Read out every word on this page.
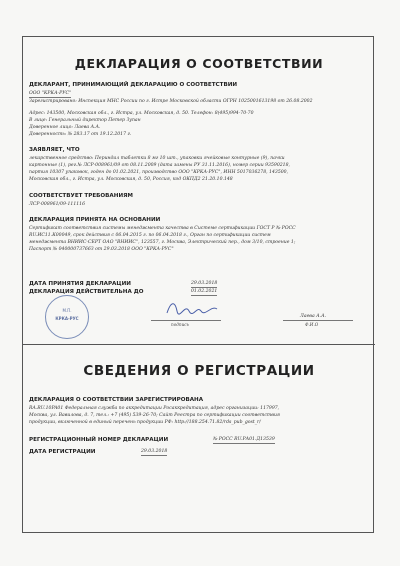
ДЕКЛАРАЦИЯ О СООТВЕТСТВИИ
ДЕКЛАРАНТ, ПРИНИМАЮЩИЙ ДЕКЛАРАЦИЮ О СООТВЕТСТВИИ
ООО "КРКА-РУС"
Зарегистрировано: Инспекция МНС России по г. Истре Московской области ОГРН 1025001613198 от 26.08.2002
Адрес: 143500, Московская обл., г. Истра, ул. Московская, д. 50. Телефон: 8(495)994-70-70
В лице: Генеральный директор Петер Зупан
Доверенное лицо: Лаева А.А.
Доверенность: № 283.17 от 19.12.2017 г.
ЗАЯВЛЯЕТ, ЧТО
лекарственное средство: Периндал таблетки 8 мг 10 шт., упаковки ячейковые контурные (9), пачки
картонные (1), рег.№ ЛСР-008961/09 от 08.11.2009 (дата замены РУ 31.11.2016), номер серии 93590218,
партия 10307 упаковок, годен до 01.02.2021, производство ООО "КРКА-РУС", ИНН 5017036278, 143500,
Московская обл., г. Истра, ул. Московская, д. 50, Россия, код ОКПД2 21.20.10.148
СООТВЕТСТВУЕТ ТРЕБОВАНИЯМ
ЛСР-008961/09-111116
ДЕКЛАРАЦИЯ ПРИНЯТА НА ОСНОВАНИИ
Сертификат соответствия системы менеджмента качества в Системе сертификации ГОСТ Р № РОСС
RU.ИС11.К00049, срок действия с 06.04.2015 г. по 06.04.2018 г., Орган по сертификации систем
менеджмента ВНИИС-СЕРТ ОАО "ВНИИС", 123557, г. Москва, Электрический пер., дом 3/10, строение 1;
Паспорт № 04000073766З от 29.03.2018 ООО "КРКА-РУС"
ДАТА ПРИНЯТИЯ ДЕКЛАРАЦИИ	29.03.2018
ДЕКЛАРАЦИЯ ДЕЙСТВИТЕЛЬНА ДО	01.02.2021
М.П.
КРКА-РУС
подпись
Лаева А.А.
Ф.И.О
СВЕДЕНИЯ О РЕГИСТРАЦИИ
ДЕКЛАРАЦИЯ О СООТВЕТСТВИИ ЗАРЕГИСТРИРОВАНА
RA.RU.10PA01 Федеральная служба по аккредитации Росаккредитация, адрес организации: 117997,
Москва, ул. Вавилова, д. 7, тел.: +7 (495) 539-26-70; Сайт Реестра по сертификации соответствия
продукции, включенной в единый перечень продукции РФ: http://188.254.71.82/rds_pub_gost_r/
РЕГИСТРАЦИОННЫЙ НОМЕР ДЕКЛАРАЦИИ	№ РОСС RU.РА01.Д13539
ДАТА РЕГИСТРАЦИИ	29.03.2018
